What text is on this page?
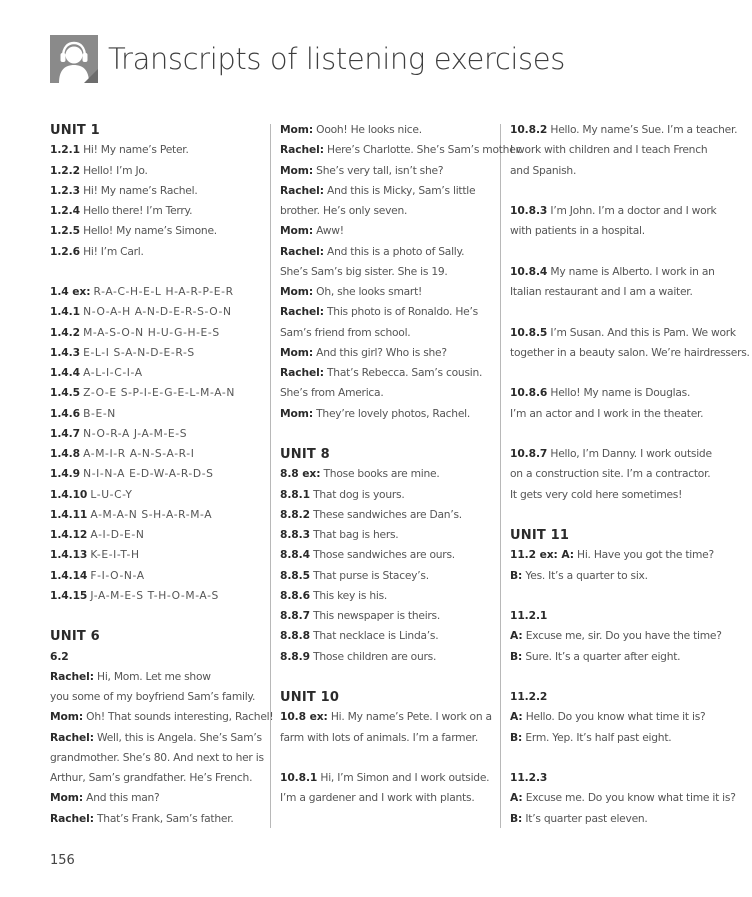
Transcripts of listening exercises
UNIT 1
1.2.1 Hi! My name’s Peter.
1.2.2 Hello! I’m Jo.
1.2.3 Hi! My name’s Rachel.
1.2.4 Hello there! I’m Terry.
1.2.5 Hello! My name’s Simone.
1.2.6 Hi! I’m Carl.
1.4 ex: R-A-C-H-E-L H-A-R-P-E-R
1.4.1 N-O-A-H A-N-D-E-R-S-O-N
1.4.2 M-A-S-O-N H-U-G-H-E-S
1.4.3 E-L-I S-A-N-D-E-R-S
1.4.4 A-L-I-C-I-A
1.4.5 Z-O-E S-P-I-E-G-E-L-M-A-N
1.4.6 B-E-N
1.4.7 N-O-R-A J-A-M-E-S
1.4.8 A-M-I-R A-N-S-A-R-I
1.4.9 N-I-N-A E-D-W-A-R-D-S
1.4.10 L-U-C-Y
1.4.11 A-M-A-N S-H-A-R-M-A
1.4.12 A-I-D-E-N
1.4.13 K-E-I-T-H
1.4.14 F-I-O-N-A
1.4.15 J-A-M-E-S T-H-O-M-A-S
UNIT 6
6.2
Rachel: Hi, Mom. Let me show
you some of my boyfriend Sam’s family.
Mom: Oh! That sounds interesting, Rachel!
Rachel: Well, this is Angela. She’s Sam’s
grandmother. She’s 80. And next to her is
Arthur, Sam’s grandfather. He’s French.
Mom: And this man?
Rachel: That’s Frank, Sam’s father.
Mom: Oooh! He looks nice.
Rachel: Here’s Charlotte. She’s Sam’s mother.
Mom: She’s very tall, isn’t she?
Rachel: And this is Micky, Sam’s little
brother. He’s only seven.
Mom: Aww!
Rachel: And this is a photo of Sally.
She’s Sam’s big sister. She is 19.
Mom: Oh, she looks smart!
Rachel: This photo is of Ronaldo. He’s
Sam’s friend from school.
Mom: And this girl? Who is she?
Rachel: That’s Rebecca. Sam’s cousin.
She’s from America.
Mom: They’re lovely photos, Rachel.
UNIT 8
8.8 ex: Those books are mine.
8.8.1 That dog is yours.
8.8.2 These sandwiches are Dan’s.
8.8.3 That bag is hers.
8.8.4 Those sandwiches are ours.
8.8.5 That purse is Stacey’s.
8.8.6 This key is his.
8.8.7 This newspaper is theirs.
8.8.8 That necklace is Linda’s.
8.8.9 Those children are ours.
UNIT 10
10.8 ex: Hi. My name’s Pete. I work on a
farm with lots of animals. I’m a farmer.
10.8.1 Hi, I’m Simon and I work outside.
I’m a gardener and I work with plants.
10.8.2 Hello. My name’s Sue. I’m a teacher.
I work with children and I teach French
and Spanish.
10.8.3 I’m John. I’m a doctor and I work
with patients in a hospital.
10.8.4 My name is Alberto. I work in an
Italian restaurant and I am a waiter.
10.8.5 I’m Susan. And this is Pam. We work
together in a beauty salon. We’re hairdressers.
10.8.6 Hello! My name is Douglas.
I’m an actor and I work in the theater.
10.8.7 Hello, I’m Danny. I work outside
on a construction site. I’m a contractor.
It gets very cold here sometimes!
UNIT 11
11.2 ex: A: Hi. Have you got the time?
B: Yes. It’s a quarter to six.
11.2.1
A: Excuse me, sir. Do you have the time?
B: Sure. It’s a quarter after eight.
11.2.2
A: Hello. Do you know what time it is?
B: Erm. Yep. It’s half past eight.
11.2.3
A: Excuse me. Do you know what time it is?
B: It’s quarter past eleven.
156
